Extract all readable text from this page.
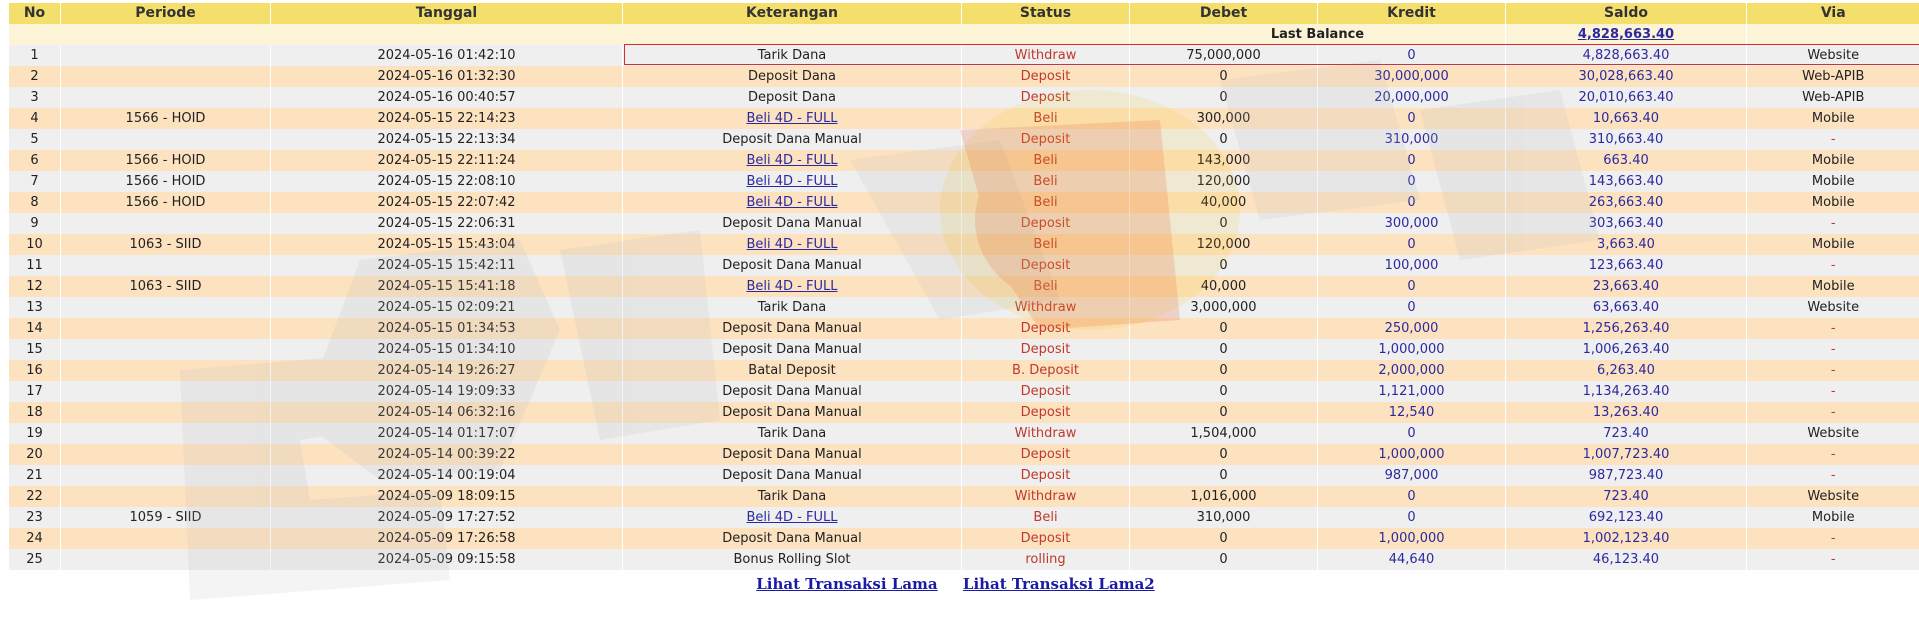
No	Periode	Tanggal	Keterangan	Status	Debet	Kredit	Saldo	Via
					Last Balance		4,828,663.40	
1		2024-05-16 01:42:10	Tarik Dana	Withdraw	75,000,000	0	4,828,663.40	Website
2		2024-05-16 01:32:30	Deposit Dana	Deposit	0	30,000,000	30,028,663.40	Web-APIB
3		2024-05-16 00:40:57	Deposit Dana	Deposit	0	20,000,000	20,010,663.40	Web-APIB
4	1566 - HOID	2024-05-15 22:14:23	Beli 4D - FULL	Beli	300,000	0	10,663.40	Mobile
5		2024-05-15 22:13:34	Deposit Dana Manual	Deposit	0	310,000	310,663.40	-
6	1566 - HOID	2024-05-15 22:11:24	Beli 4D - FULL	Beli	143,000	0	663.40	Mobile
7	1566 - HOID	2024-05-15 22:08:10	Beli 4D - FULL	Beli	120,000	0	143,663.40	Mobile
8	1566 - HOID	2024-05-15 22:07:42	Beli 4D - FULL	Beli	40,000	0	263,663.40	Mobile
9		2024-05-15 22:06:31	Deposit Dana Manual	Deposit	0	300,000	303,663.40	-
10	1063 - SIID	2024-05-15 15:43:04	Beli 4D - FULL	Beli	120,000	0	3,663.40	Mobile
11		2024-05-15 15:42:11	Deposit Dana Manual	Deposit	0	100,000	123,663.40	-
12	1063 - SIID	2024-05-15 15:41:18	Beli 4D - FULL	Beli	40,000	0	23,663.40	Mobile
13		2024-05-15 02:09:21	Tarik Dana	Withdraw	3,000,000	0	63,663.40	Website
14		2024-05-15 01:34:53	Deposit Dana Manual	Deposit	0	250,000	1,256,263.40	-
15		2024-05-15 01:34:10	Deposit Dana Manual	Deposit	0	1,000,000	1,006,263.40	-
16		2024-05-14 19:26:27	Batal Deposit	B. Deposit	0	2,000,000	6,263.40	-
17		2024-05-14 19:09:33	Deposit Dana Manual	Deposit	0	1,121,000	1,134,263.40	-
18		2024-05-14 06:32:16	Deposit Dana Manual	Deposit	0	12,540	13,263.40	-
19		2024-05-14 01:17:07	Tarik Dana	Withdraw	1,504,000	0	723.40	Website
20		2024-05-14 00:39:22	Deposit Dana Manual	Deposit	0	1,000,000	1,007,723.40	-
21		2024-05-14 00:19:04	Deposit Dana Manual	Deposit	0	987,000	987,723.40	-
22		2024-05-09 18:09:15	Tarik Dana	Withdraw	1,016,000	0	723.40	Website
23	1059 - SIID	2024-05-09 17:27:52	Beli 4D - FULL	Beli	310,000	0	692,123.40	Mobile
24		2024-05-09 17:26:58	Deposit Dana Manual	Deposit	0	1,000,000	1,002,123.40	-
25		2024-05-09 09:15:58	Bonus Rolling Slot	rolling	0	44,640	46,123.40	-
Lihat Transaksi Lama Lihat Transaksi Lama2
